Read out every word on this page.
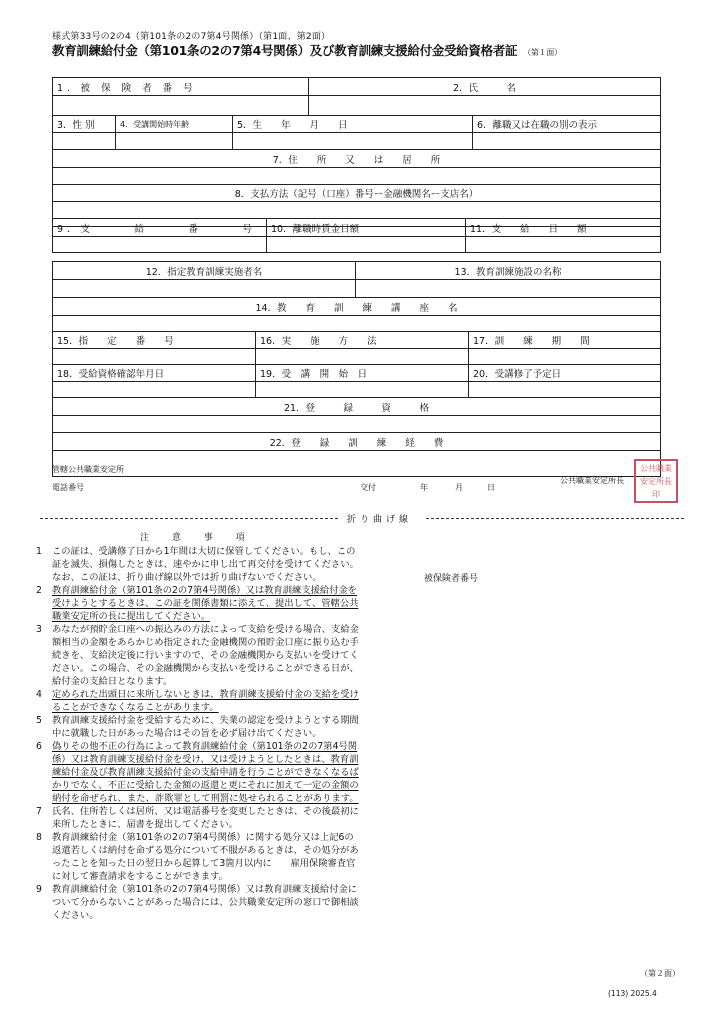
様式第33号の2の4（第101条の2の7第4号関係）（第1面、第2面）
教育訓練給付金（第101条の2の7第4号関係）及び教育訓練支援給付金受給資格者証 （第１面）
1．被 保 険 者 番 号			2．氏　　　名	

3．性 別	4．受講開始時年齢	5．生　　年　　月　　日		6．離職又は在職の別の表示

7．住　　所　　又　　は　　居　　所				

8．支払方法（記号（口座）番号ー金融機関名ー支店名）				

9．支　　　給　　　番　　　号	10．離職時賃金日額	11．支　　給　　日　　額

12．指定教育訓練実施者名		13．教育訓練施設の名称	

14．教　　育　　訓　　練　　講　　座　　名			

15．指　　定　　番　　号	16．実　　施　　方　　法		17．訓　　練　　期　　間

18．受給資格確認年月日	19．受　講　開　始　日		20．受講修了予定日

21．登　　　録　　　資　　　格			

22．登　　録　　訓　　練　　経　　費			

管轄公共職業安定所
電話番号	交付	年	月	日
公共職業安定所長
公共職業安定所長印
折り曲げ線
注 意 事 項
1	この証は、受講修了日から1年間は大切に保管してください。もし、この証を滅失、損傷したときは、速やかに申し出て再交付を受けてください。なお、この証は、折り曲げ線以外では折り曲げないでください。
2	教育訓練給付金（第101条の2の7第4号関係）又は教育訓練支援給付金を受けようとするときは、この証を関係書類に添えて、提出して、管轄公共職業安定所の長に提出してください。
3	あなたが預貯金口座への振込みの方法によって支給を受ける場合、支給金額相当の金額をあらかじめ指定された金融機関の預貯金口座に振り込む手続きを、支給決定後に行いますので、その金融機関から支払いを受けてください。この場合、その金融機関から支払いを受けることができる日が、給付金の支給日となります。
4	定められた出頭日に来所しないときは、教育訓練支援給付金の支給を受けることができなくなることがあります。
5	教育訓練支援給付金を受給するために、失業の認定を受けようとする期間中に就職した日があった場合はその旨を必ず届け出てください。
6	偽りその他不正の行為によって教育訓練給付金（第101条の2の7第4号関係）又は教育訓練支援給付金を受け、又は受けようとしたときは、教育訓練給付金及び教育訓練支援給付金の支給申請を行うことができなくなるばかりでなく、不正に受給した金額の返還と更にそれに加えて一定の金額の納付を命ぜられ、また、詐欺罪として刑罰に処せられることがあります。
7	氏名、住所若しくは居所、又は電話番号を変更したときは、その後最初に来所したときに、届書を提出してください。
8	教育訓練給付金（第101条の2の7第4号関係）に関する処分又は上記6の返還若しくは納付を命ずる処分について不服があるときは、その処分があったことを知った日の翌日から起算して3箇月以内に　　雇用保険審査官に対して審査請求をすることができます。
9	教育訓練給付金（第101条の2の7第4号関係）又は教育訓練支援給付金について分からないことがあった場合には、公共職業安定所の窓口で御相談ください。
被保険者番号
（第２面）
(113) 2025.4
